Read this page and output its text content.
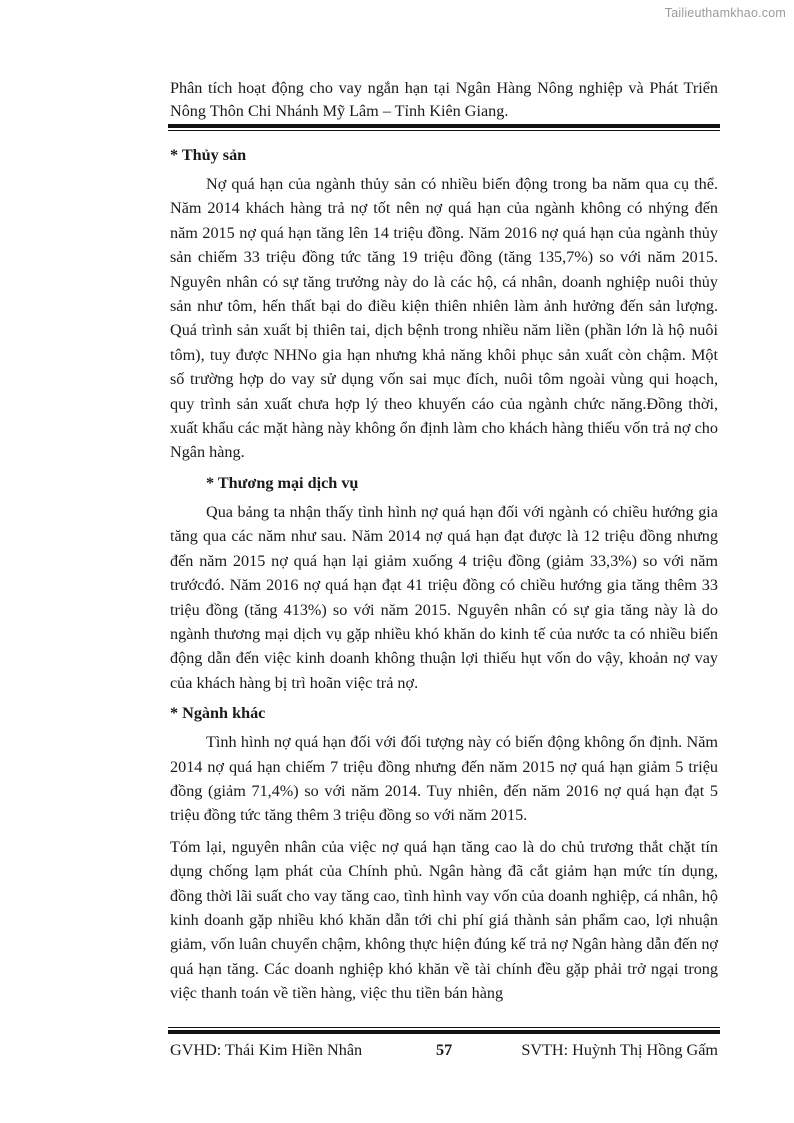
Tailieuthamkhao.com

Phân tích hoạt động cho vay ngắn hạn tại Ngân Hàng Nông nghiệp và Phát Triển Nông Thôn Chi Nhánh Mỹ Lâm – Tỉnh Kiên Giang.

* Thủy sản

Nợ quá hạn của ngành thủy sản có nhiều biến động trong ba năm qua cụ thể. Năm 2014 khách hàng trả nợ tốt nên nợ quá hạn của ngành không có nhýng đến năm 2015 nợ quá hạn tăng lên 14 triệu đồng. Năm 2016 nợ quá hạn của ngành thủy sản chiếm 33 triệu đồng tức tăng 19 triệu đồng (tăng 135,7%) so với năm 2015. Nguyên nhân có sự tăng trưởng này do là các hộ, cá nhân, doanh nghiệp nuôi thủy sản như tôm, hến thất bại do điều kiện thiên nhiên làm ảnh hưởng đến sản lượng. Quá trình sản xuất bị thiên tai, dịch bệnh trong nhiều năm liền (phần lớn là hộ nuôi tôm), tuy được NHNo gia hạn nhưng khả năng khôi phục sản xuất còn chậm. Một số trường hợp do vay sử dụng vốn sai mục đích, nuôi tôm ngoài vùng qui hoạch, quy trình sản xuất chưa hợp lý theo khuyến cáo của ngành chức năng.Đồng thời, xuất khẩu các mặt hàng này không ổn định làm cho khách hàng thiếu vốn trả nợ cho Ngân hàng.

* Thương mại dịch vụ

Qua bảng ta nhận thấy tình hình nợ quá hạn đối với ngành có chiều hướng gia tăng qua các năm như sau. Năm 2014 nợ quá hạn đạt được là 12 triệu đồng nhưng đến năm 2015 nợ quá hạn lại giảm xuống 4 triệu đồng (giảm 33,3%) so với năm trướcđó. Năm 2016 nợ quá hạn đạt 41 triệu đồng có chiều hướng gia tăng thêm 33 triệu đồng (tăng 413%) so với năm 2015. Nguyên nhân có sự gia tăng này là do ngành thương mại dịch vụ gặp nhiều khó khăn do kinh tế của nước ta có nhiều biến động dẫn đến việc kinh doanh không thuận lợi thiếu hụt vốn do vậy, khoản nợ vay của khách hàng bị trì hoãn việc trả nợ.

* Ngành khác

Tình hình nợ quá hạn đối với đối tượng này có biến động không ổn định. Năm 2014 nợ quá hạn chiếm 7 triệu đồng nhưng đến năm 2015 nợ quá hạn giảm 5 triệu đồng (giảm 71,4%) so với năm 2014. Tuy nhiên, đến năm 2016 nợ quá hạn đạt 5 triệu đồng tức tăng thêm 3 triệu đồng so với năm 2015.

Tóm lại, nguyên nhân của việc nợ quá hạn tăng cao là do chủ trương thắt chặt tín dụng chống lạm phát của Chính phủ. Ngân hàng đã cắt giảm hạn mức tín dụng, đồng thời lãi suất cho vay tăng cao, tình hình vay vốn của doanh nghiệp, cá nhân, hộ kinh doanh gặp nhiều khó khăn dẫn tới chi phí giá thành sản phẩm cao, lợi nhuận giảm, vốn luân chuyển chậm, không thực hiện đúng kế trả nợ Ngân hàng dẫn đến nợ quá hạn tăng. Các doanh nghiệp khó khăn về tài chính đều gặp phải trở ngại trong việc thanh toán về tiền hàng, việc thu tiền bán hàng

GVHD: Thái Kim Hiền Nhân	57	SVTH: Huỳnh Thị Hồng Gấm
